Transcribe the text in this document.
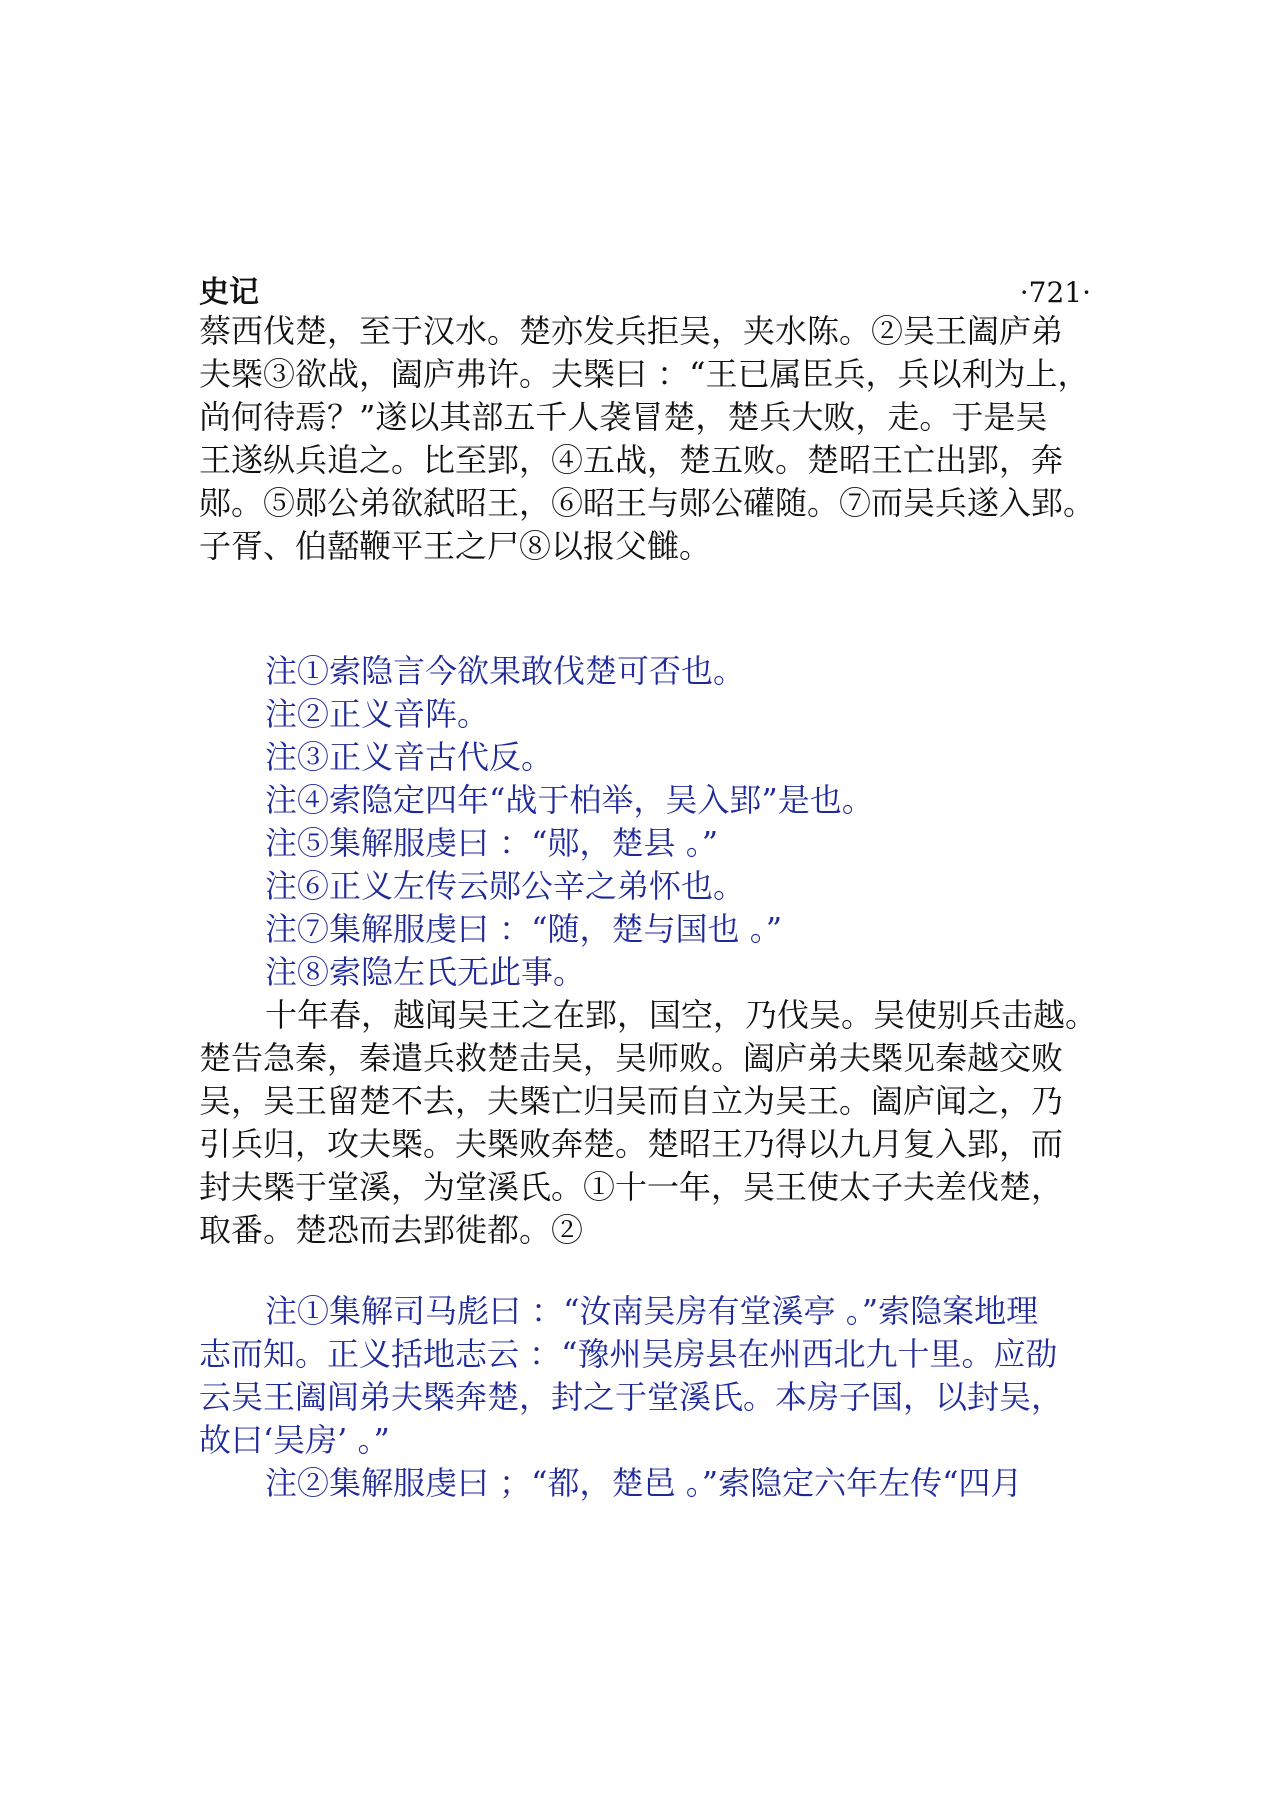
史记	·721·
蔡西伐楚，至于汉水。楚亦发兵拒吴，夹水陈。②吴王阖庐弟
夫槩③欲战，阖庐弗许。夫槩曰 ：“王已属臣兵，兵以利为上，
尚何待焉？”遂以其部五千人袭冒楚，楚兵大败，走。于是吴
王遂纵兵追之。比至郢，④五战，楚五败。楚昭王亡出郢，奔
郧。⑤郧公弟欲弑昭王，⑥昭王与郧公礶随。⑦而吴兵遂入郢。
子胥、伯嚭鞭平王之尸⑧以报父雠。
注①索隐言今欲果敢伐楚可否也。
注②正义音阵。
注③正义音古代反。
注④索隐定四年“战于柏举，吴入郢”是也。
注⑤集解服虔曰 ：“郧，楚县 。”
注⑥正义左传云郧公辛之弟怀也。
注⑦集解服虔曰 ：“随，楚与国也 。”
注⑧索隐左氏无此事。
十年春，越闻吴王之在郢，国空，乃伐吴。吴使别兵击越。
楚告急秦，秦遣兵救楚击吴，吴师败。阖庐弟夫槩见秦越交败
吴，吴王留楚不去，夫槩亡归吴而自立为吴王。阖庐闻之，乃
引兵归，攻夫槩。夫槩败奔楚。楚昭王乃得以九月复入郢，而
封夫槩于堂溪，为堂溪氏。①十一年，吴王使太子夫差伐楚，
取番。楚恐而去郢徙都。②
注①集解司马彪曰 ：“汝南吴房有堂溪亭 。”索隐案地理
志而知。正义括地志云 ：“豫州吴房县在州西北九十里。应劭
云吴王阖闾弟夫槩奔楚，封之于堂溪氏。本房子国，以封吴，
故曰‘吴房’ 。”
注②集解服虔曰 ；“都，楚邑 。”索隐定六年左传“四月
